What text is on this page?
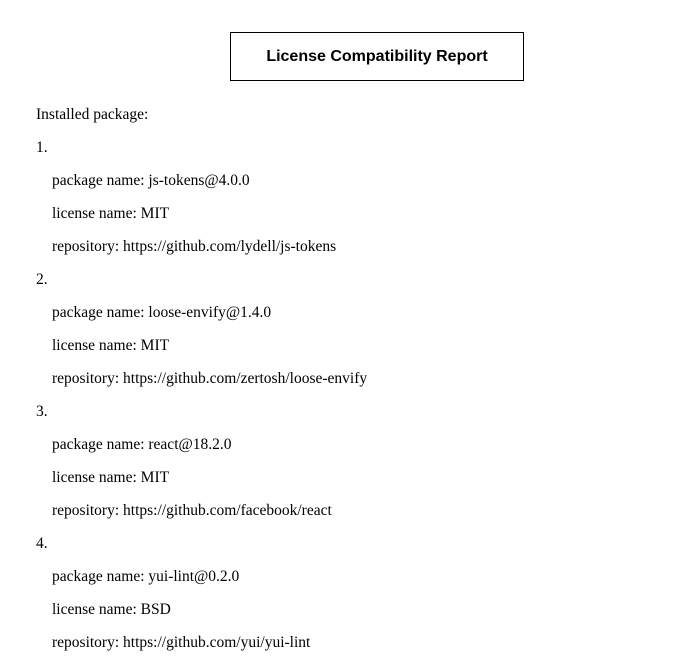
License Compatibility Report
Installed package:
1.
package name: js-tokens@4.0.0
license name: MIT
repository: https://github.com/lydell/js-tokens
2.
package name: loose-envify@1.4.0
license name: MIT
repository: https://github.com/zertosh/loose-envify
3.
package name: react@18.2.0
license name: MIT
repository: https://github.com/facebook/react
4.
package name: yui-lint@0.2.0
license name: BSD
repository: https://github.com/yui/yui-lint
